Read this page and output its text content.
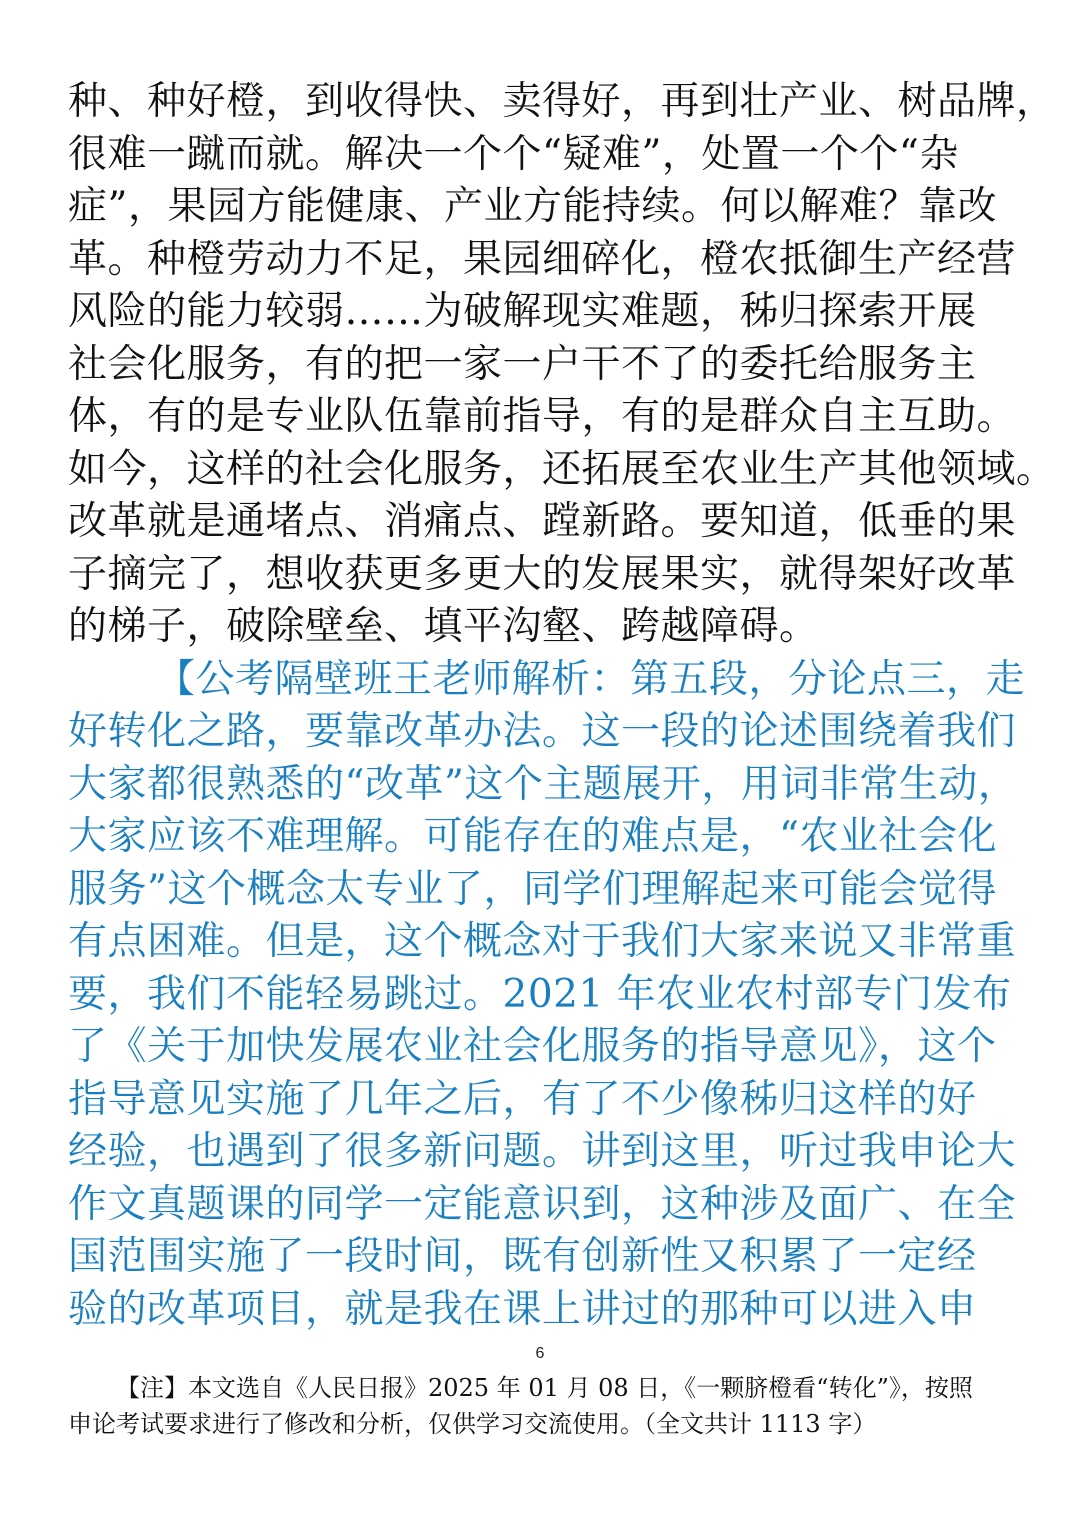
种、种好橙，到收得快、卖得好，再到壮产业、树品牌，
很难一蹴而就。解决一个个“疑难”，处置一个个“杂
症”，果园方能健康、产业方能持续。何以解难？靠改
革。种橙劳动力不足，果园细碎化，橙农抵御生产经营
风险的能力较弱……为破解现实难题，秭归探索开展
社会化服务，有的把一家一户干不了的委托给服务主
体，有的是专业队伍靠前指导，有的是群众自主互助。
如今，这样的社会化服务，还拓展至农业生产其他领域。
改革就是通堵点、消痛点、蹚新路。要知道，低垂的果
子摘完了，想收获更多更大的发展果实，就得架好改革
的梯子，破除壁垒、填平沟壑、跨越障碍。
【公考隔壁班王老师解析：第五段，分论点三，走
好转化之路，要靠改革办法。这一段的论述围绕着我们
大家都很熟悉的“改革”这个主题展开，用词非常生动，
大家应该不难理解。可能存在的难点是，“农业社会化
服务”这个概念太专业了，同学们理解起来可能会觉得
有点困难。但是，这个概念对于我们大家来说又非常重
要，我们不能轻易跳过。2021 年农业农村部专门发布
了《关于加快发展农业社会化服务的指导意见》，这个
指导意见实施了几年之后，有了不少像秭归这样的好
经验，也遇到了很多新问题。讲到这里，听过我申论大
作文真题课的同学一定能意识到，这种涉及面广、在全
国范围实施了一段时间，既有创新性又积累了一定经
验的改革项目，就是我在课上讲过的那种可以进入申
6
【注】本文选自《人民日报》2025 年 01 月 08 日，《一颗脐橙看“转化”》，按照
申论考试要求进行了修改和分析，仅供学习交流使用。（全文共计 1113 字）
